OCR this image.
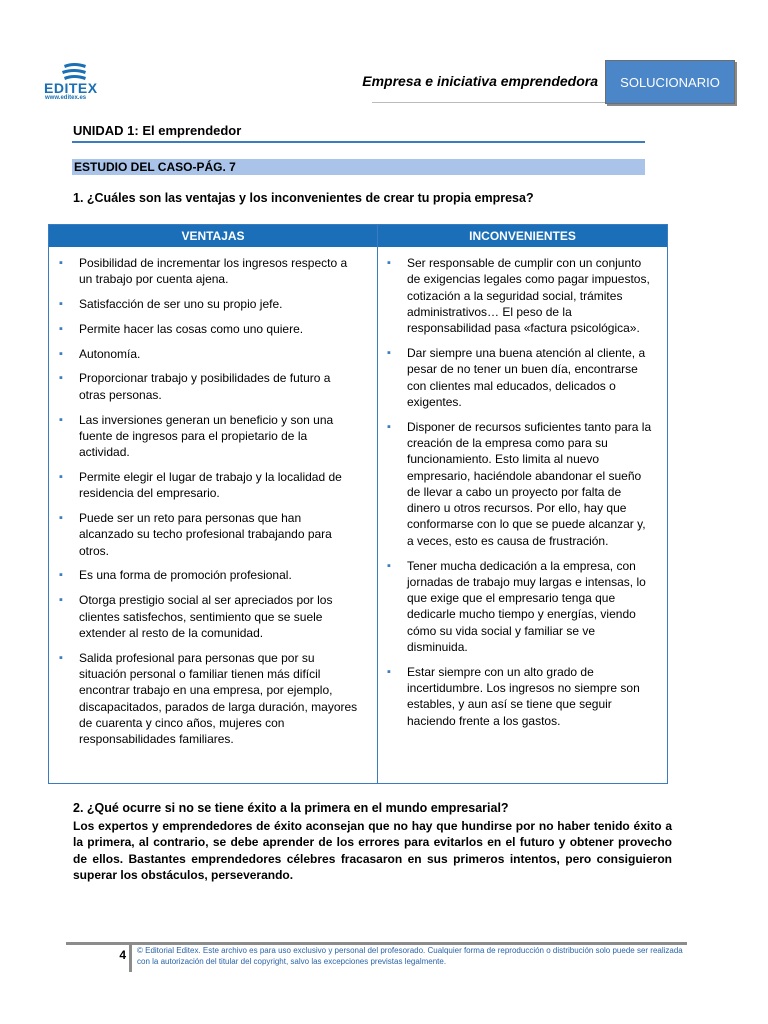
EDITEX
www.editex.es
Empresa e iniciativa emprendedora	SOLUCIONARIO
UNIDAD 1: El emprendedor
ESTUDIO DEL CASO-PÁG. 7
1. ¿Cuáles son las ventajas y los inconvenientes de crear tu propia empresa?
VENTAJAS	INCONVENIENTES
▪ Posibilidad de incrementar los ingresos respecto a un trabajo por cuenta ajena.
▪ Satisfacción de ser uno su propio jefe.
▪ Permite hacer las cosas como uno quiere.
▪ Autonomía.
▪ Proporcionar trabajo y posibilidades de futuro a otras personas.
▪ Las inversiones generan un beneficio y son una fuente de ingresos para el propietario de la actividad.
▪ Permite elegir el lugar de trabajo y la localidad de residencia del empresario.
▪ Puede ser un reto para personas que han alcanzado su techo profesional trabajando para otros.
▪ Es una forma de promoción profesional.
▪ Otorga prestigio social al ser apreciados por los clientes satisfechos, sentimiento que se suele extender al resto de la comunidad.
▪ Salida profesional para personas que por su situación personal o familiar tienen más difícil encontrar trabajo en una empresa, por ejemplo, discapacitados, parados de larga duración, mayores de cuarenta y cinco años, mujeres con responsabilidades familiares.
▪ Ser responsable de cumplir con un conjunto de exigencias legales como pagar impuestos, cotización a la seguridad social, trámites administrativos… El peso de la responsabilidad pasa «factura psicológica».
▪ Dar siempre una buena atención al cliente, a pesar de no tener un buen día, encontrarse con clientes mal educados, delicados o exigentes.
▪ Disponer de recursos suficientes tanto para la creación de la empresa como para su funcionamiento. Esto limita al nuevo empresario, haciéndole abandonar el sueño de llevar a cabo un proyecto por falta de dinero u otros recursos. Por ello, hay que conformarse con lo que se puede alcanzar y, a veces, esto es causa de frustración.
▪ Tener mucha dedicación a la empresa, con jornadas de trabajo muy largas e intensas, lo que exige que el empresario tenga que dedicarle mucho tiempo y energías, viendo cómo su vida social y familiar se ve disminuida.
▪ Estar siempre con un alto grado de incertidumbre. Los ingresos no siempre son estables, y aun así se tiene que seguir haciendo frente a los gastos.
2. ¿Qué ocurre si no se tiene éxito a la primera en el mundo empresarial?
Los expertos y emprendedores de éxito aconsejan que no hay que hundirse por no haber tenido éxito a la primera, al contrario, se debe aprender de los errores para evitarlos en el futuro y obtener provecho de ellos. Bastantes emprendedores célebres fracasaron en sus primeros intentos, pero consiguieron superar los obstáculos, perseverando.
4 © Editorial Editex. Este archivo es para uso exclusivo y personal del profesorado. Cualquier forma de reproducción o distribución solo puede ser realizada con la autorización del titular del copyright, salvo las excepciones previstas legalmente.
